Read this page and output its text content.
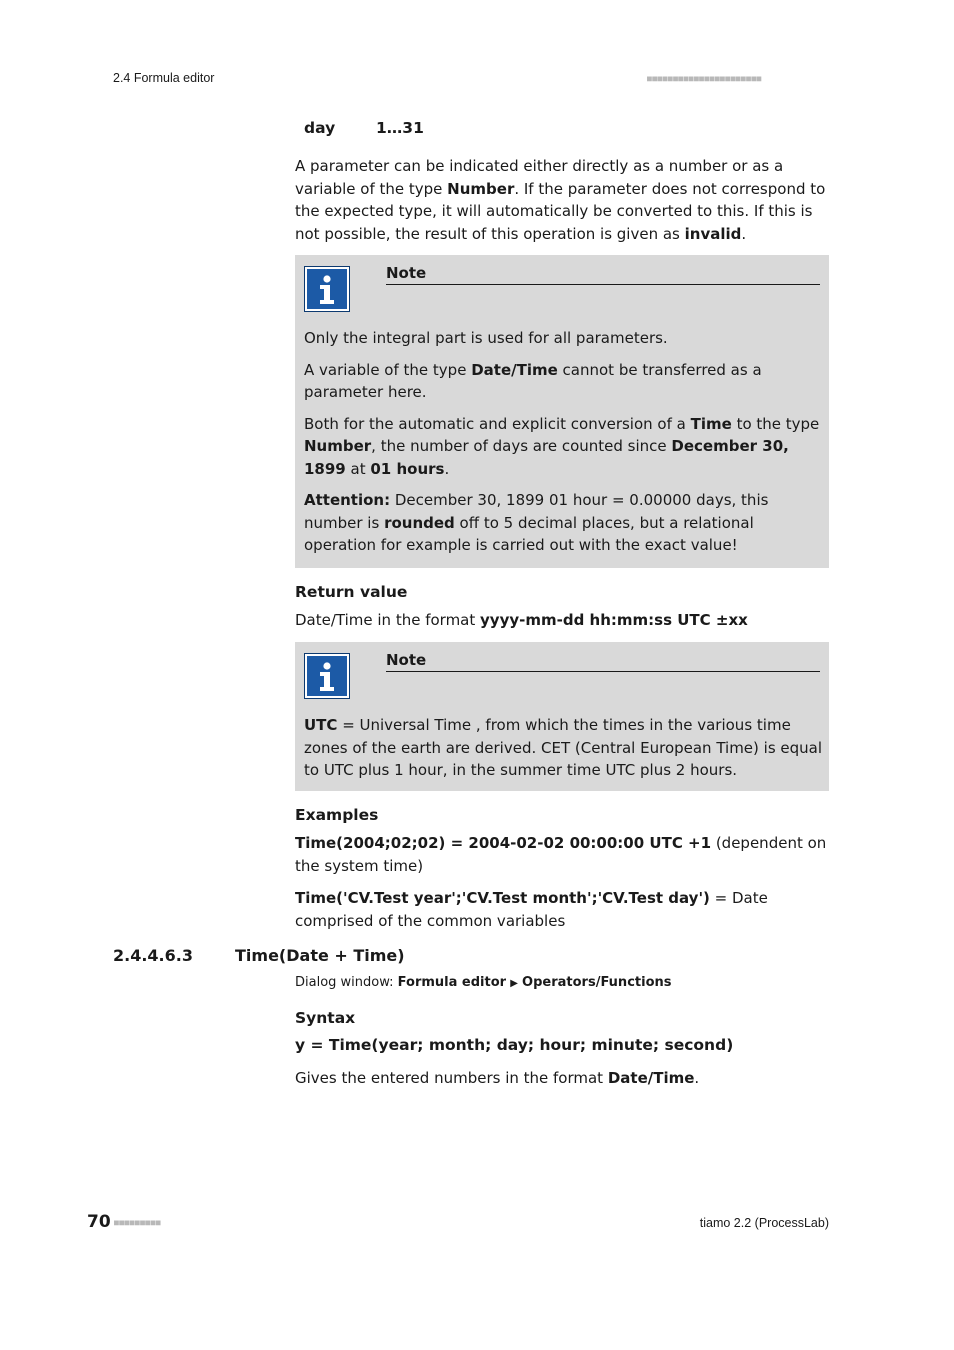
2.4 Formula editor	■■■■■■■■■■■■■■■■■■■■■■
day	1…31

A parameter can be indicated either directly as a number or as a variable of the type Number. If the parameter does not correspond to the expected type, it will automatically be converted to this. If this is not possible, the result of this operation is given as invalid.

Note

Only the integral part is used for all parameters.

A variable of the type Date/Time cannot be transferred as a parameter here.

Both for the automatic and explicit conversion of a Time to the type Number, the number of days are counted since December 30, 1899 at 01 hours.

Attention: December 30, 1899 01 hour = 0.00000 days, this number is rounded off to 5 decimal places, but a relational operation for example is carried out with the exact value!

Return value

Date/Time in the format yyyy-mm-dd hh:mm:ss UTC ±xx

Note

UTC = Universal Time , from which the times in the various time zones of the earth are derived. CET (Central European Time) is equal to UTC plus 1 hour, in the summer time UTC plus 2 hours.

Examples

Time(2004;02;02) = 2004-02-02 00:00:00 UTC +1 (dependent on the system time)

Time('CV.Test year';'CV.Test month';'CV.Test day') = Date comprised of the common variables

2.4.4.6.3	Time(Date + Time)
Dialog window: Formula editor ▶ Operators/Functions
Syntax
y = Time(year; month; day; hour; minute; second)

Gives the entered numbers in the format Date/Time.

70 ■■■■■■■■■	tiamo 2.2 (ProcessLab)
